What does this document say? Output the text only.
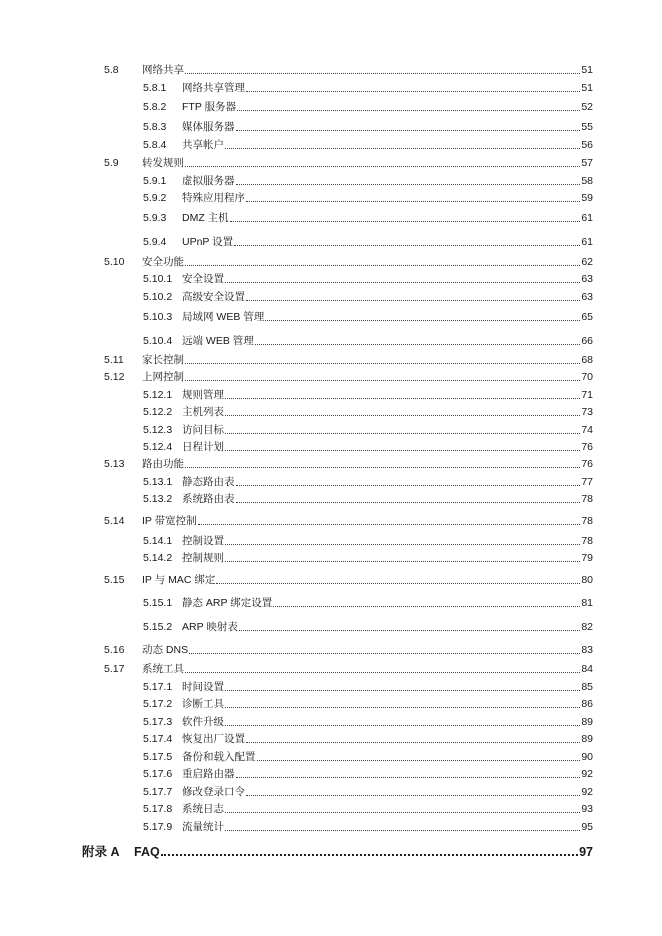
5.8	网络共享	51
5.8.1	网络共享管理	51
5.8.2	FTP 服务器	52
5.8.3	媒体服务器	55
5.8.4	共享帐户	56
5.9	转发规则	57
5.9.1	虚拟服务器	58
5.9.2	特殊应用程序	59
5.9.3	DMZ 主机	61
5.9.4	UPnP 设置	61
5.10	安全功能	62
5.10.1 安全设置	63
5.10.2 高级安全设置	63
5.10.3 局域网 WEB 管理	65
5.10.4 远端 WEB 管理	66
5.11	家长控制	68
5.12	上网控制	70
5.12.1 规则管理	71
5.12.2 主机列表	73
5.12.3 访问目标	74
5.12.4 日程计划	76
5.13	路由功能	76
5.13.1 静态路由表	77
5.13.2 系统路由表	78
5.14	IP 带宽控制	78
5.14.1 控制设置	78
5.14.2 控制规则	79
5.15	IP 与 MAC 绑定	80
5.15.1 静态 ARP 绑定设置	81
5.15.2 ARP 映射表	82
5.16	动态 DNS	83
5.17	系统工具	84
5.17.1 时间设置	85
5.17.2 诊断工具	86
5.17.3 软件升级	89
5.17.4 恢复出厂设置	89
5.17.5 备份和载入配置	90
5.17.6 重启路由器	92
5.17.7 修改登录口令	92
5.17.8 系统日志	93
5.17.9 流量统计	95
附录 A	FAQ	97
